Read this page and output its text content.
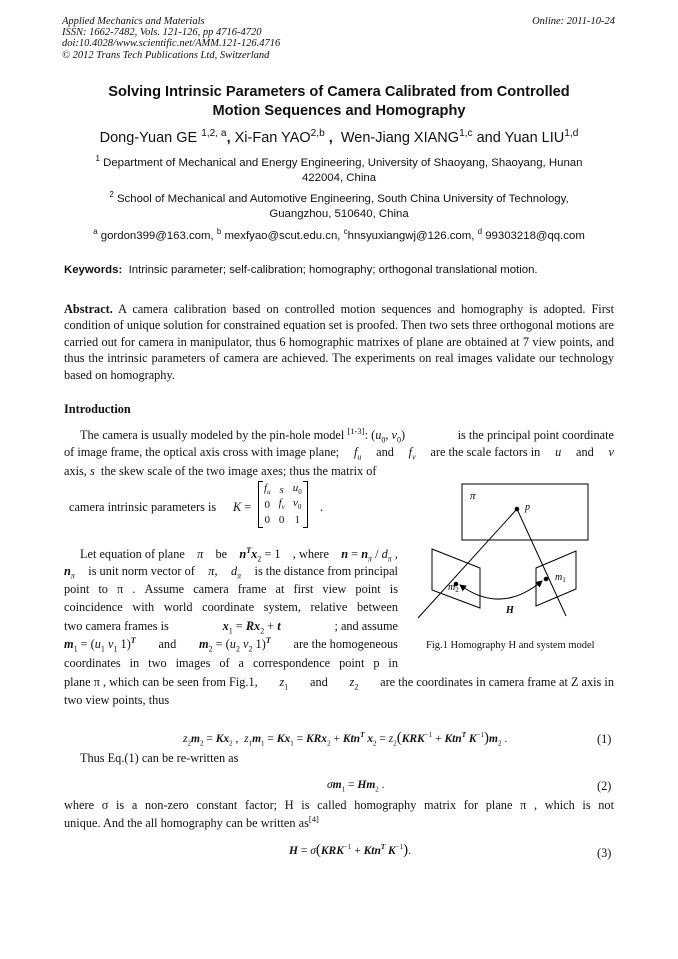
Applied Mechanics and Materials
ISSN: 1662-7482, Vols. 121-126, pp 4716-4720
doi:10.4028/www.scientific.net/AMM.121-126.4716
© 2012 Trans Tech Publications Ltd, Switzerland
Online: 2011-10-24
Solving Intrinsic Parameters of Camera Calibrated from Controlled
Motion Sequences and Homography
Dong-Yuan GE $^{1,2, a}$, Xi-Fan YAO$^{2,b}$ , Wen-Jiang XIANG$^{1,c}$ and Yuan LIU$^{1,d}$
$^1$ Department of Mechanical and Energy Engineering, University of Shaoyang, Shaoyang, Hunan
422004, China
$^2$ School of Mechanical and Automotive Engineering, South China University of Technology,
Guangzhou, 510640, China
$^a$ gordon399@163.com, $^b$ mexfyao@scut.edu.cn, $^c$hnsyuxiangwj@126.com, $^d$ 99303218@qq.com
Keywords: Intrinsic parameter; self-calibration; homography; orthogonal translational motion.
Abstract. A camera calibration based on controlled motion sequences and homography is adopted. First condition of unique solution for constrained equation set is proofed. Then two sets three orthogonal motions are carried out for camera in manipulator, thus 6 homographic matrixes of plane are obtained at 7 view points, and thus the intrinsic parameters of camera are achieved. The experiments on real images validate our technology based on homography.
Introduction
The camera is usually modeled by the pin-hole model [1-3]: ($u_0$, $v_0$)	is the principal point coordinate
of image frame, the optical axis cross with image plane; $f_u$ and $f_v$ are the scale factors in u and v
axis, s the skew scale of the two image axes; thus the matrix of
camera intrinsic parameters is K =
$f_u$	s	$u_0$
0	$f_v$	$v_0$
0	0	1
.
π
p
$m_1$
$m_2$
H
Fig.1 Homography H and system model
Let equation of plane π be $n^Tx_2 = 1$ , where $n = n_\pi / d_\pi$ ,
$n_\pi$ is unit norm vector of π, $d_\pi$ is the distance from principal
point to π . Assume camera frame at first view point is
coincidence with world coordinate system, relative between
two camera frames is	$x_1 = Rx_2 + t$	; and assume
$m_1 = (u_1$ $v_1$ 1)$^T$ and $m_2 = (u_2$ $v_2$ 1)$^T$ are the homogeneous
coordinates in two images of a correspondence point p in
plane π , which can be seen from Fig.1, $z_1$ and $z_2$ are the coordinates in camera frame at Z axis in
two view points, thus
$z_2m_2 = Kx_2$ ,  $z_1m_1 = Kx_1 = KRx_2 + Ktn^T$ $x_2 = z_2(KRK^{-1} + Ktn^T$ $K^{-1})m_2$ .	(1)
Thus Eq.(1) can be re-written as
$\sigma m_1 = Hm_2$ .	(2)
where σ is a non-zero constant factor; H is called homography matrix for plane π , which is not
unique. And the all homography can be written as[4]
$H = \sigma(KRK^{-1} + Ktn^T$ $K^{-1}$).	(3)
